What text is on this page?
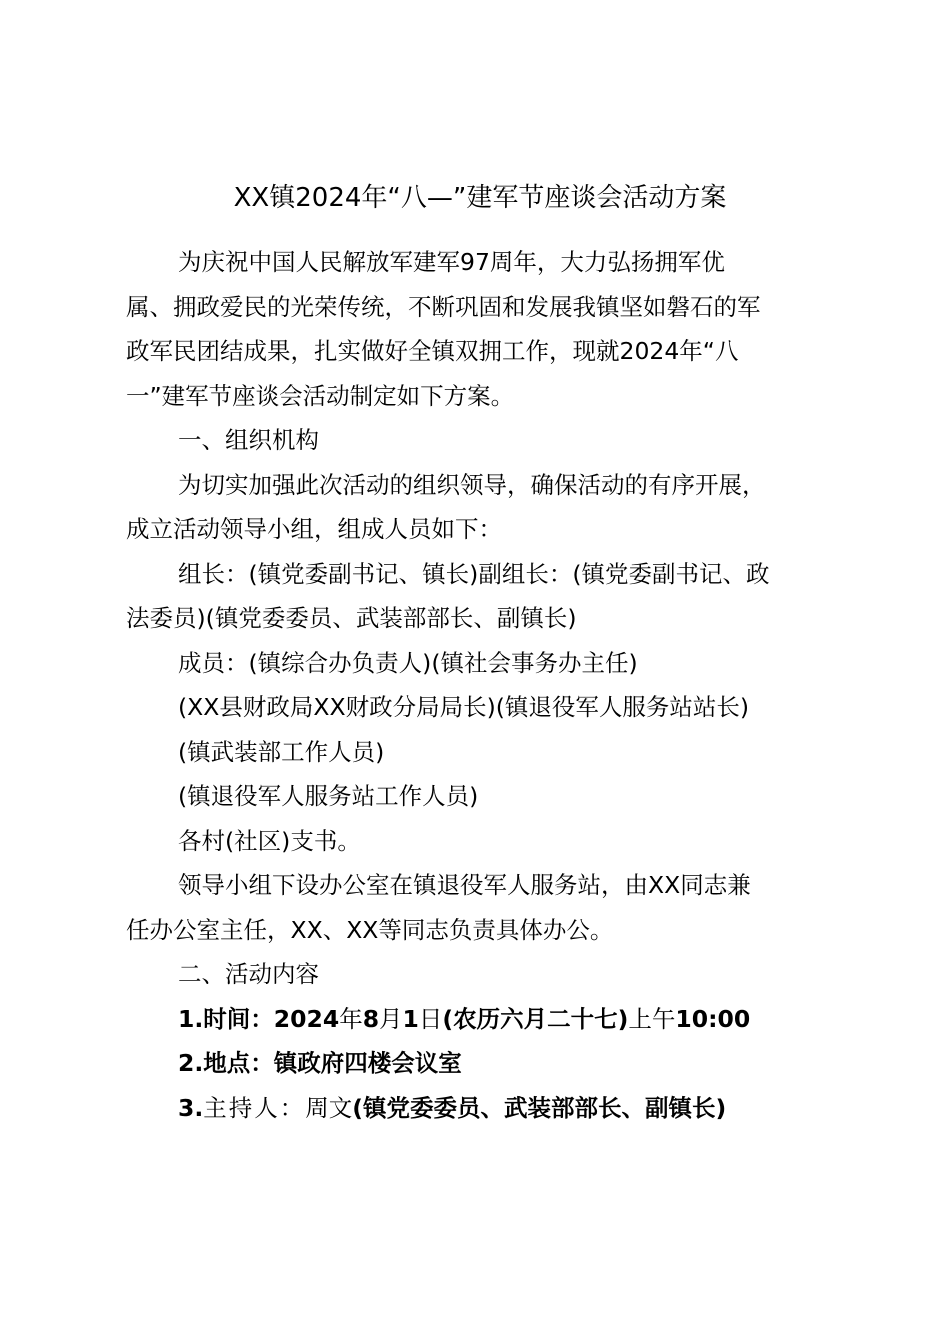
XX镇2024年“八—”建军节座谈会活动方案

为庆祝中国人民解放军建军97周年，大力弘扬拥军优

属、拥政爱民的光荣传统，不断巩固和发展我镇坚如磐石的军

政军民团结成果，扎实做好全镇双拥工作，现就2024年“八

一”建军节座谈会活动制定如下方案。

一、组织机构

为切实加强此次活动的组织领导，确保活动的有序开展，

成立活动领导小组，组成人员如下：

组长：(镇党委副书记、镇长)副组长：(镇党委副书记、政

法委员)(镇党委委员、武装部部长、副镇长)

成员：(镇综合办负责人)(镇社会事务办主任)

(XX县财政局XX财政分局局长)(镇退役军人服务站站长)

(镇武装部工作人员)

(镇退役军人服务站工作人员)

各村(社区)支书。

领导小组下设办公室在镇退役军人服务站，由XX同志兼

任办公室主任，XX、XX等同志负责具体办公。

二、活动内容

1.时间：2024年8月1日(农历六月二十七)上午10:00

2.地点：镇政府四楼会议室

3.主持人：周文(镇党委委员、武装部部长、副镇长)
